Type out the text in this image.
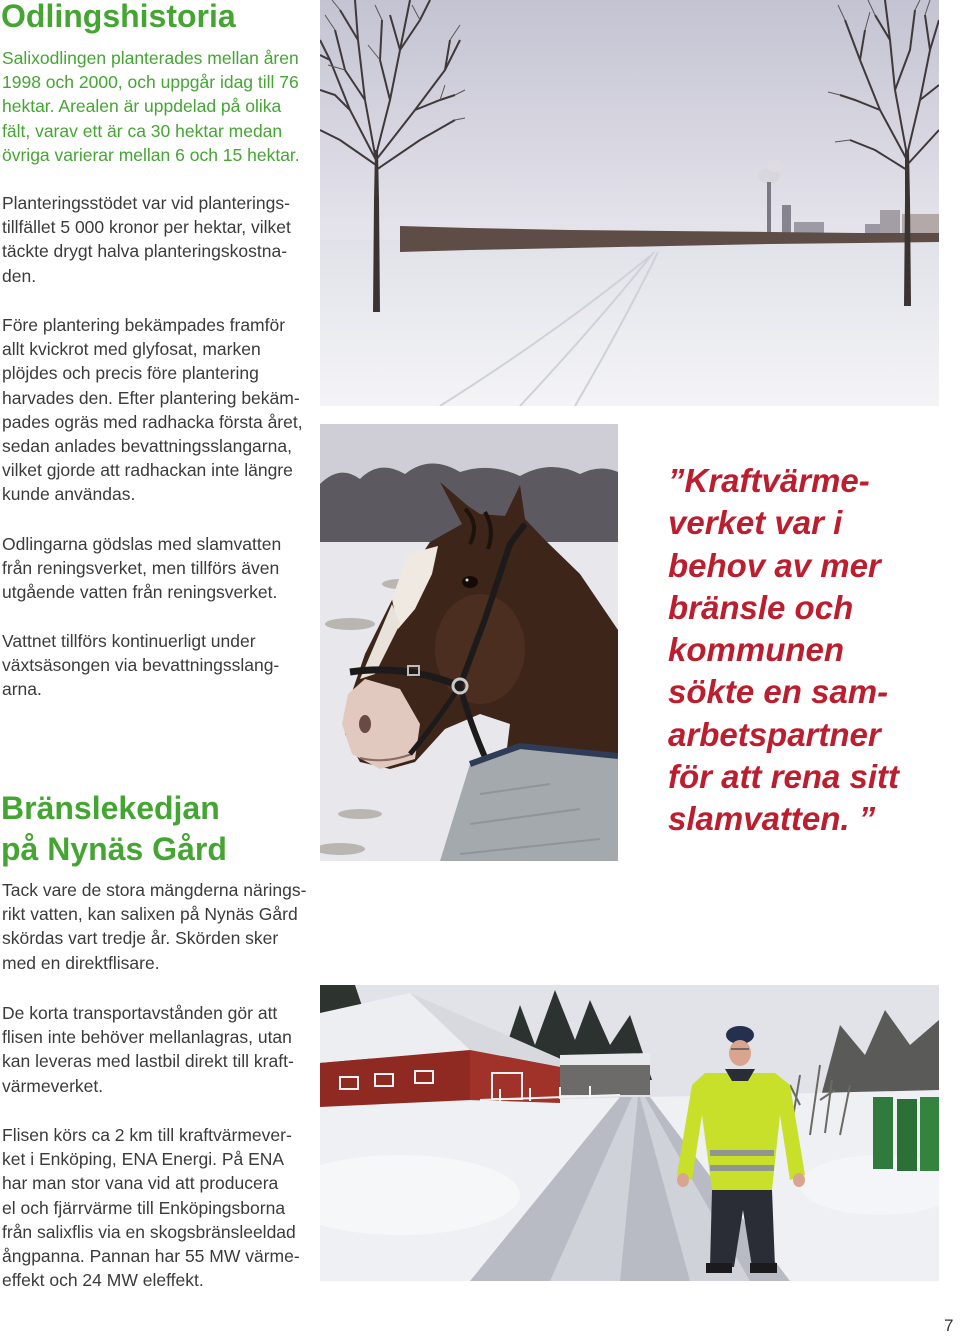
Odlingshistoria
Salixodlingen planterades mellan åren
1998 och 2000, och uppgår idag till 76
hektar. Arealen är uppdelad på olika
fält, varav ett är ca 30 hektar medan
övriga varierar mellan 6 och 15 hektar.
Planteringsstödet var vid planterings-
tillfället 5 000 kronor per hektar, vilket
täckte drygt halva planteringskostna-
den.
Före plantering bekämpades framför
allt kvickrot med glyfosat, marken
plöjdes och precis före plantering
harvades den. Efter plantering bekäm-
pades ogräs med radhacka första året,
sedan anlades bevattningsslangarna,
vilket gjorde att radhackan inte längre
kunde användas.
Odlingarna gödslas med slamvatten
från reningsverket, men tillförs även
utgående vatten från reningsverket.
Vattnet tillförs kontinuerligt under
växtsäsongen via bevattningsslang-
arna.
Bränslekedjan
på Nynäs Gård
Tack vare de stora mängderna närings-
rikt vatten, kan salixen på Nynäs Gård
skördas vart tredje år. Skörden sker
med en direktflisare.
De korta transportavstånden gör att
flisen inte behöver mellanlagras, utan
kan leveras med lastbil direkt till kraft-
värmeverket.
Flisen körs ca 2 km till kraftvärmever-
ket i Enköping, ENA Energi. På ENA
har man stor vana vid att producera
el och fjärrvärme till Enköpingsborna
från salixflis via en skogsbränsleeldad
ångpanna. Pannan har 55 MW värme-
effekt och 24 MW eleffekt.
”Kraftvärme-
verket var i
behov av mer
bränsle och
kommunen
sökte en sam-
arbetspartner
för att rena sitt
slamvatten. ”
7
